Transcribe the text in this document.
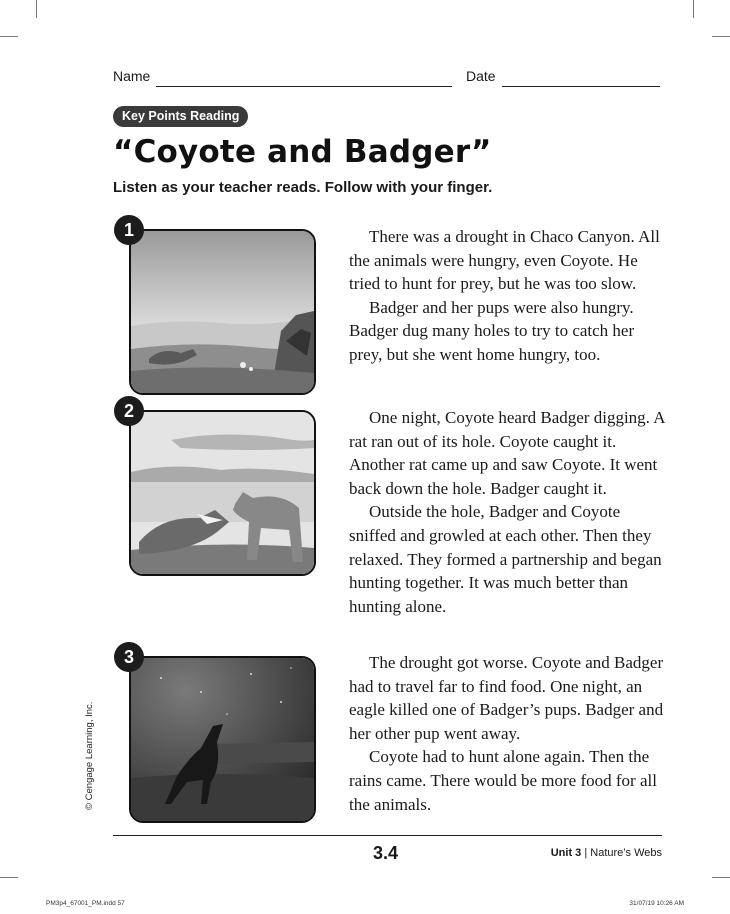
Name	Date
Key Points Reading
“Coyote and Badger”

Listen as your teacher reads. Follow with your finger.

1	There was a drought in Chaco Canyon. All the animals were hungry, even Coyote. He tried to hunt for prey, but he was too slow.

Badger and her pups were also hungry. Badger dug many holes to try to catch her prey, but she went home hungry, too.

2	One night, Coyote heard Badger digging. A rat ran out of its hole. Coyote caught it. Another rat came up and saw Coyote. It went back down the hole. Badger caught it.

Outside the hole, Badger and Coyote sniffed and growled at each other. Then they relaxed. They formed a partnership and began hunting together. It was much better than hunting alone.

3	The drought got worse. Coyote and Badger had to travel far to find food. One night, an eagle killed one of Badger’s pups. Badger and her other pup went away.

Coyote had to hunt alone again. Then the rains came. There would be more food for all the animals.

© Cengage Learning, Inc.
3.4	Unit 3 | Nature’s Webs
PM3p4_67001_PM.indd 57	31/07/19 10:26 AM
